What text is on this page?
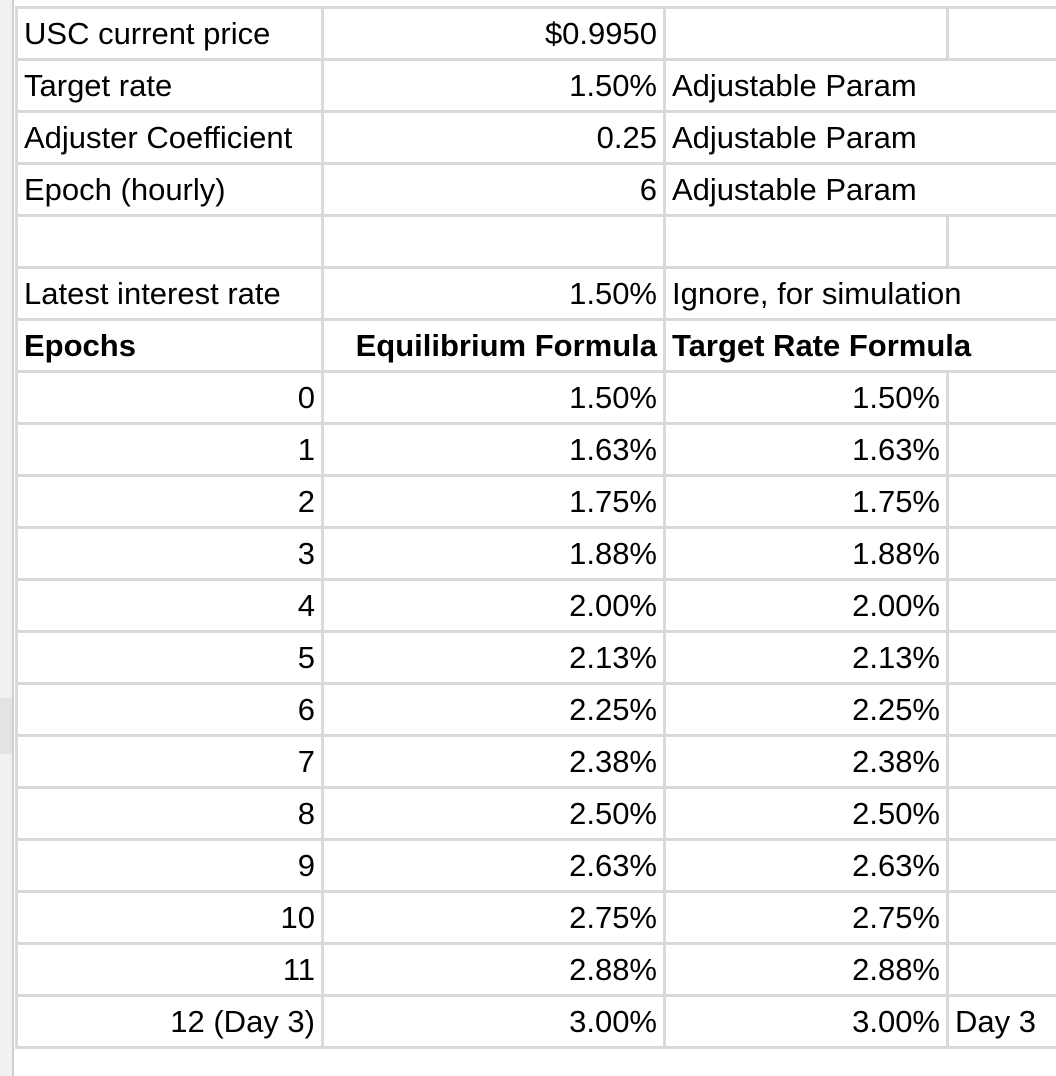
USC current price	$0.9950		
Target rate	1.50%	Adjustable Param	
Adjuster Coefficient	0.25	Adjustable Param	
Epoch (hourly)	6	Adjustable Param	

Latest interest rate	1.50%	Ignore, for simulation	
Epochs	Equilibrium Formula	Target Rate Formula	
0	1.50%	1.50%	
1	1.63%	1.63%	
2	1.75%	1.75%	
3	1.88%	1.88%	
4	2.00%	2.00%	
5	2.13%	2.13%	
6	2.25%	2.25%	
7	2.38%	2.38%	
8	2.50%	2.50%	
9	2.63%	2.63%	
10	2.75%	2.75%	
11	2.88%	2.88%	
12 (Day 3)	3.00%	3.00%	Day 3
